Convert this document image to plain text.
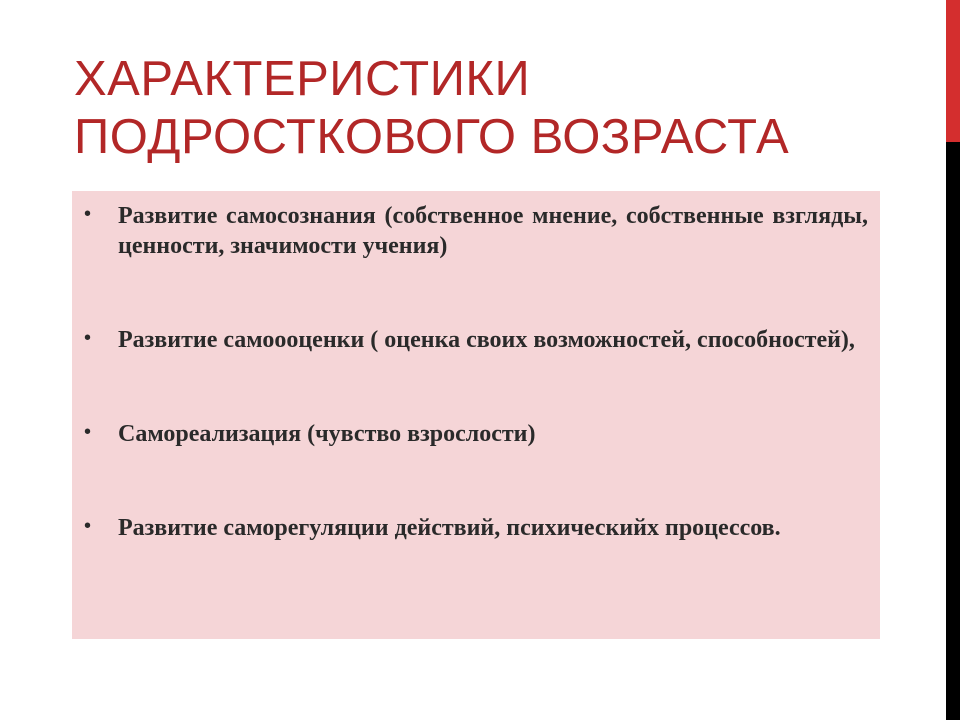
ХАРАКТЕРИСТИКИ
ПОДРОСТКОВОГО ВОЗРАСТА
• Развитие самосознания (собственное мнение, собственные взгляды, ценности, значимости учения)
• Развитие самоооценки ( оценка своих возможностей, способностей),
• Самореализация (чувство взрослости)
• Развитие саморегуляции действий, психическийх процессов.
